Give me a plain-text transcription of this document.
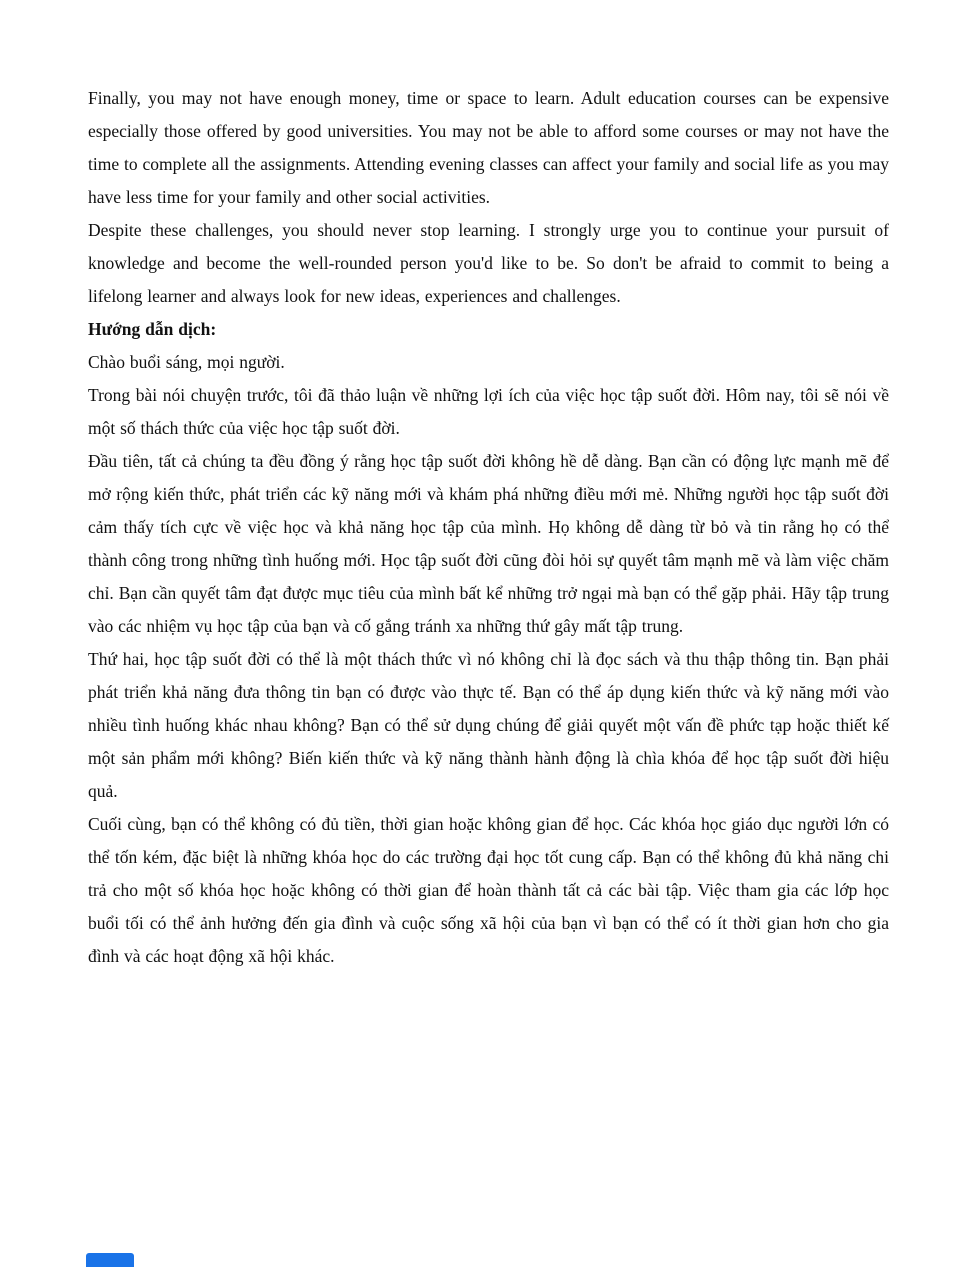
Finally, you may not have enough money, time or space to learn. Adult education courses can be expensive especially those offered by good universities. You may not be able to afford some courses or may not have the time to complete all the assignments. Attending evening classes can affect your family and social life as you may have less time for your family and other social activities.

Despite these challenges, you should never stop learning. I strongly urge you to continue your pursuit of knowledge and become the well-rounded person you'd like to be. So don't be afraid to commit to being a lifelong learner and always look for new ideas, experiences and challenges.

Hướng dẫn dịch:

Chào buổi sáng, mọi người.

Trong bài nói chuyện trước, tôi đã thảo luận về những lợi ích của việc học tập suốt đời. Hôm nay, tôi sẽ nói về một số thách thức của việc học tập suốt đời.

Đầu tiên, tất cả chúng ta đều đồng ý rằng học tập suốt đời không hề dễ dàng. Bạn cần có động lực mạnh mẽ để mở rộng kiến thức, phát triển các kỹ năng mới và khám phá những điều mới mẻ. Những người học tập suốt đời cảm thấy tích cực về việc học và khả năng học tập của mình. Họ không dễ dàng từ bỏ và tin rằng họ có thể thành công trong những tình huống mới. Học tập suốt đời cũng đòi hỏi sự quyết tâm mạnh mẽ và làm việc chăm chỉ. Bạn cần quyết tâm đạt được mục tiêu của mình bất kể những trở ngại mà bạn có thể gặp phải. Hãy tập trung vào các nhiệm vụ học tập của bạn và cố gắng tránh xa những thứ gây mất tập trung.

Thứ hai, học tập suốt đời có thể là một thách thức vì nó không chỉ là đọc sách và thu thập thông tin. Bạn phải phát triển khả năng đưa thông tin bạn có được vào thực tế. Bạn có thể áp dụng kiến thức và kỹ năng mới vào nhiều tình huống khác nhau không? Bạn có thể sử dụng chúng để giải quyết một vấn đề phức tạp hoặc thiết kế một sản phẩm mới không? Biến kiến thức và kỹ năng thành hành động là chìa khóa để học tập suốt đời hiệu quả.

Cuối cùng, bạn có thể không có đủ tiền, thời gian hoặc không gian để học. Các khóa học giáo dục người lớn có thể tốn kém, đặc biệt là những khóa học do các trường đại học tốt cung cấp. Bạn có thể không đủ khả năng chi trả cho một số khóa học hoặc không có thời gian để hoàn thành tất cả các bài tập. Việc tham gia các lớp học buổi tối có thể ảnh hưởng đến gia đình và cuộc sống xã hội của bạn vì bạn có thể có ít thời gian hơn cho gia đình và các hoạt động xã hội khác.
